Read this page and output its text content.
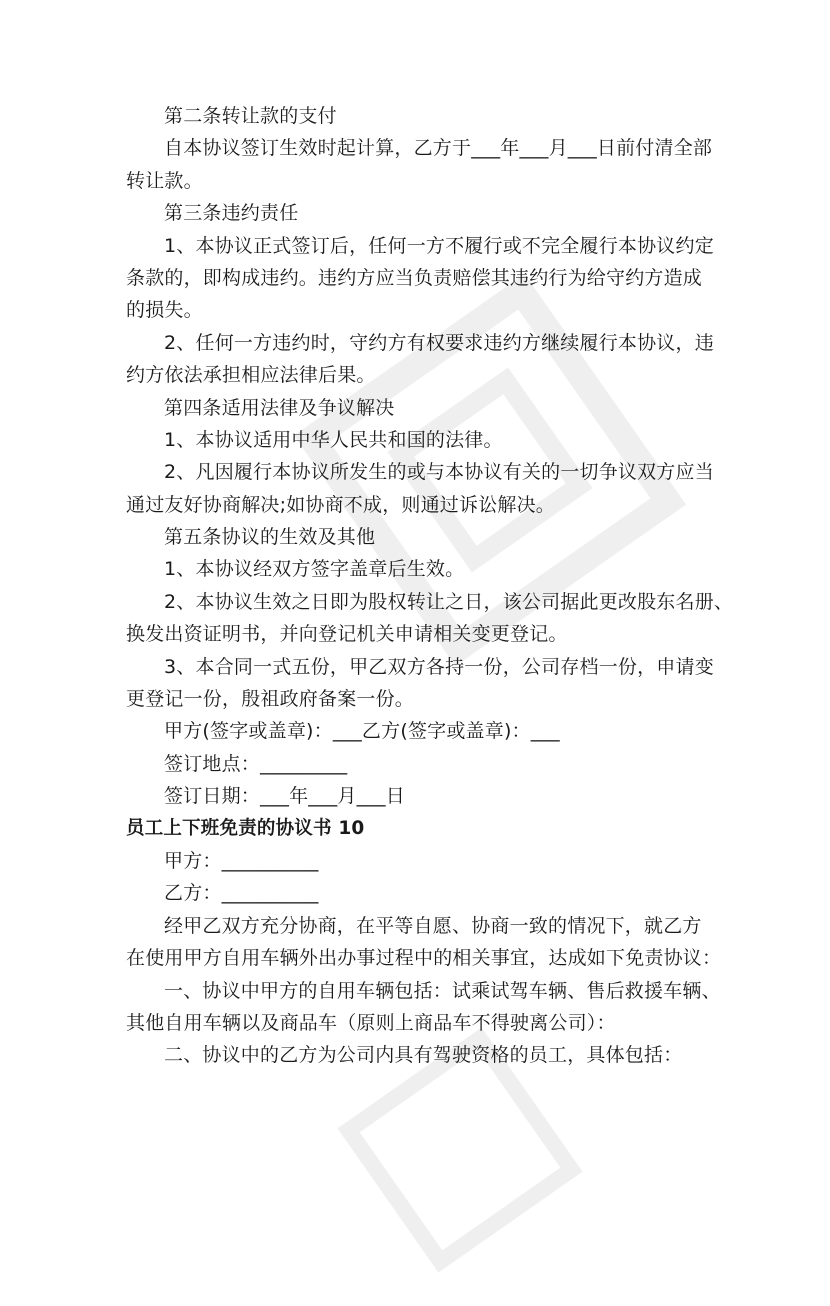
第二条转让款的支付
自本协议签订生效时起计算，乙方于___年___月___日前付清全部
转让款。
第三条违约责任
1、本协议正式签订后，任何一方不履行或不完全履行本协议约定
条款的，即构成违约。违约方应当负责赔偿其违约行为给守约方造成
的损失。
2、任何一方违约时，守约方有权要求违约方继续履行本协议，违
约方依法承担相应法律后果。
第四条适用法律及争议解决
1、本协议适用中华人民共和国的法律。
2、凡因履行本协议所发生的或与本协议有关的一切争议双方应当
通过友好协商解决;如协商不成，则通过诉讼解决。
第五条协议的生效及其他
1、本协议经双方签字盖章后生效。
2、本协议生效之日即为股权转让之日，该公司据此更改股东名册、
换发出资证明书，并向登记机关申请相关变更登记。
3、本合同一式五份，甲乙双方各持一份，公司存档一份，申请变
更登记一份，殷祖政府备案一份。
甲方(签字或盖章)：___乙方(签字或盖章)：___
签订地点：_________
签订日期：___年___月___日
员工上下班免责的协议书 10
甲方：__________
乙方：__________
经甲乙双方充分协商，在平等自愿、协商一致的情况下，就乙方
在使用甲方自用车辆外出办事过程中的相关事宜，达成如下免责协议：
一、协议中甲方的自用车辆包括：试乘试驾车辆、售后救援车辆、
其他自用车辆以及商品车（原则上商品车不得驶离公司）：
二、协议中的乙方为公司内具有驾驶资格的员工，具体包括：
